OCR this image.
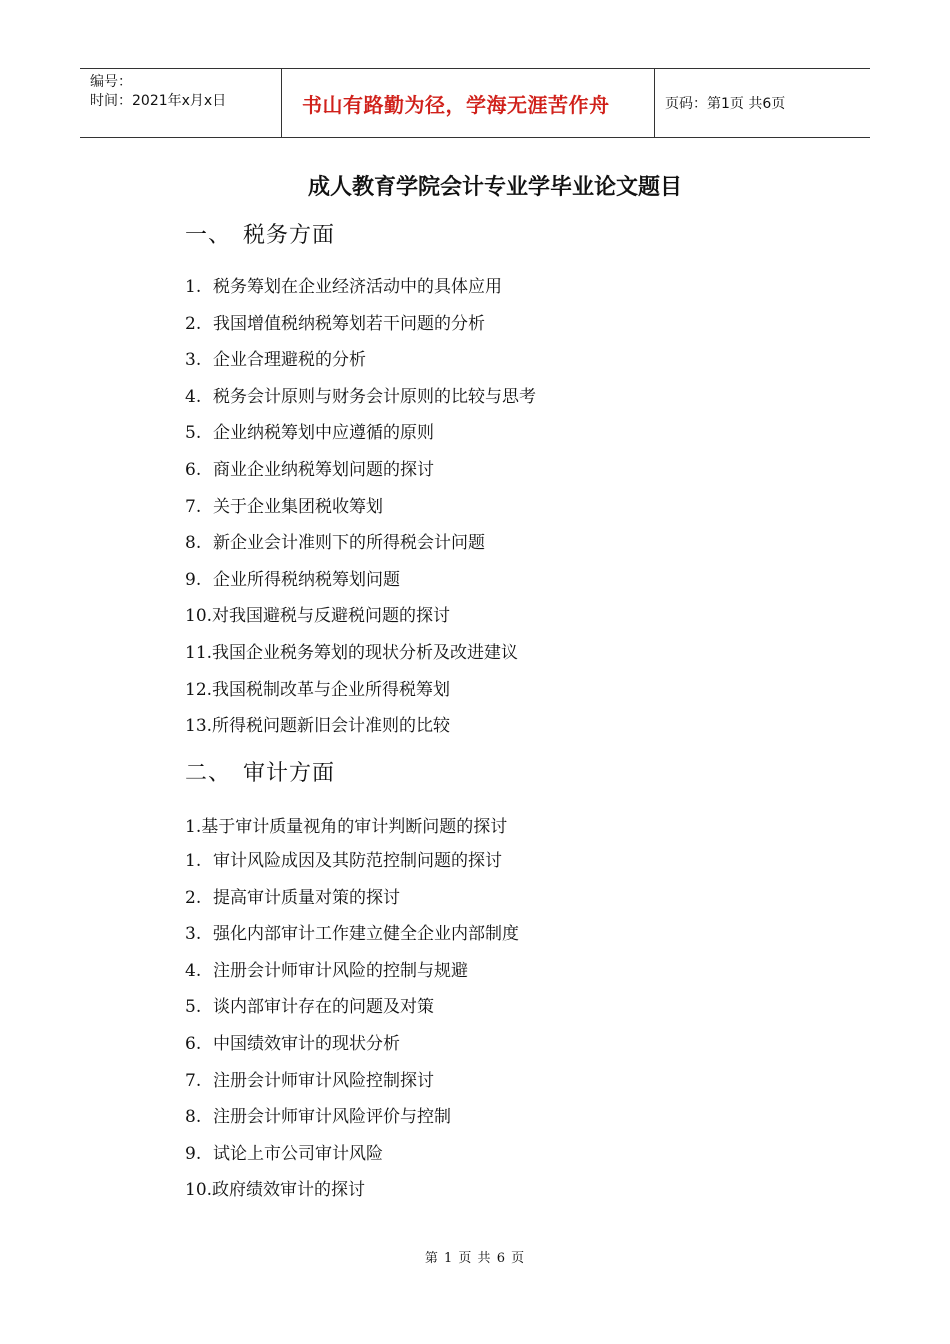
编号：
时间：2021年x月x日	书山有路勤为径，学海无涯苦作舟	页码：第1页 共6页
成人教育学院会计专业学毕业论文题目
一、 税务方面
1. 税务筹划在企业经济活动中的具体应用
2. 我国增值税纳税筹划若干问题的分析
3. 企业合理避税的分析
4. 税务会计原则与财务会计原则的比较与思考
5. 企业纳税筹划中应遵循的原则
6. 商业企业纳税筹划问题的探讨
7. 关于企业集团税收筹划
8. 新企业会计准则下的所得税会计问题
9. 企业所得税纳税筹划问题
10.对我国避税与反避税问题的探讨
11.我国企业税务筹划的现状分析及改进建议
12.我国税制改革与企业所得税筹划
13.所得税问题新旧会计准则的比较
二、 审计方面
1.基于审计质量视角的审计判断问题的探讨
1. 审计风险成因及其防范控制问题的探讨
2. 提高审计质量对策的探讨
3. 强化内部审计工作建立健全企业内部制度
4. 注册会计师审计风险的控制与规避
5. 谈内部审计存在的问题及对策
6. 中国绩效审计的现状分析
7. 注册会计师审计风险控制探讨
8. 注册会计师审计风险评价与控制
9. 试论上市公司审计风险
10.政府绩效审计的探讨
第 1 页 共 6 页
